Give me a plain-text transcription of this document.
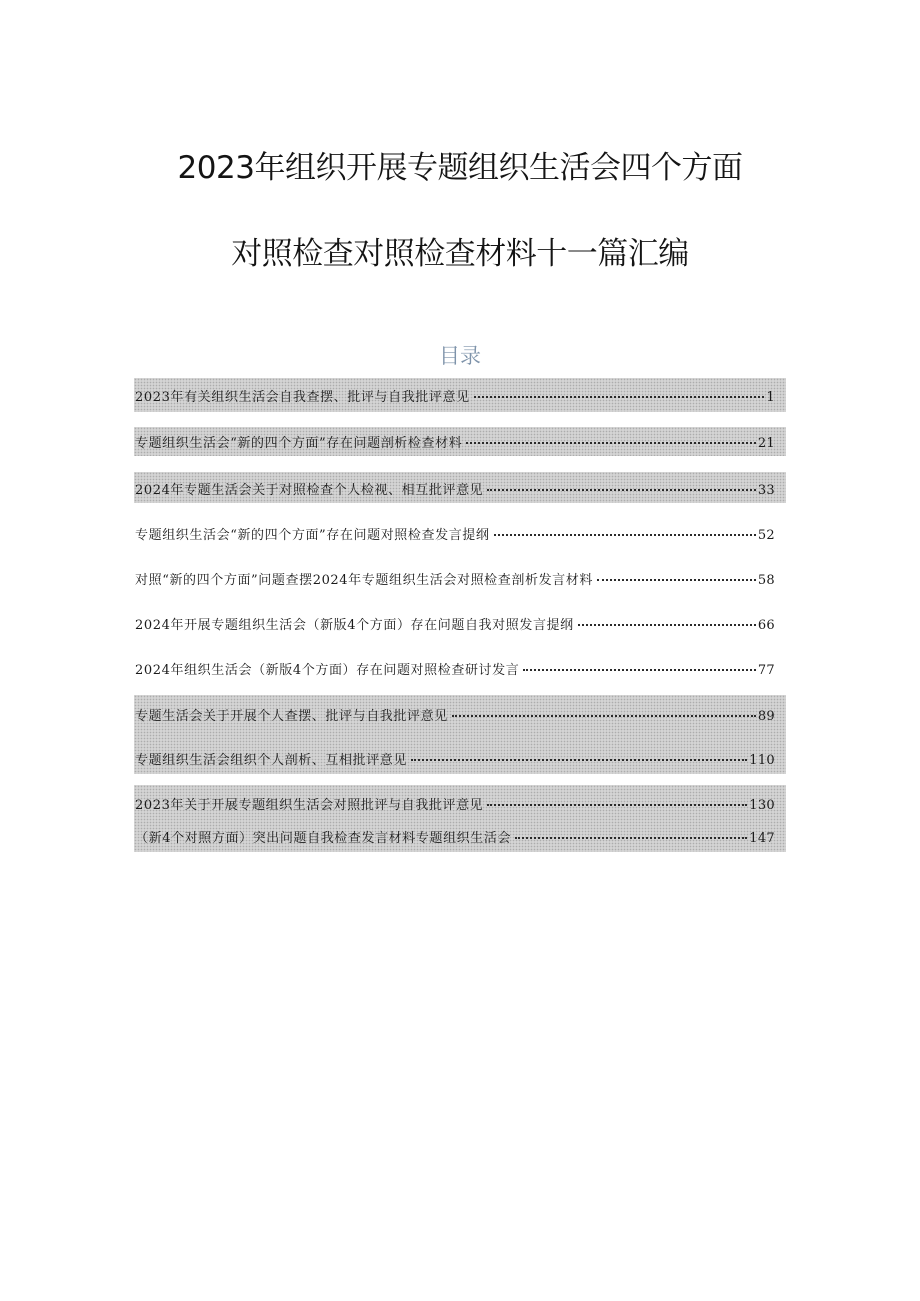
2023年组织开展专题组织生活会四个方面
对照检查对照检查材料十一篇汇编
目录
2023年有关组织生活会自我查摆、批评与自我批评意见	1
专题组织生活会“新的四个方面”存在问题剖析检查材料	21
2024年专题生活会关于对照检查个人检视、相互批评意见	33
专题组织生活会“新的四个方面”存在问题对照检查发言提纲	52
对照“新的四个方面”问题查摆2024年专题组织生活会对照检查剖析发言材料	58
2024年开展专题组织生活会（新版4个方面）存在问题自我对照发言提纲	66
2024年组织生活会（新版4个方面）存在问题对照检查研讨发言	77
专题生活会关于开展个人查摆、批评与自我批评意见	89
专题组织生活会组织个人剖析、互相批评意见	110
2023年关于开展专题组织生活会对照批评与自我批评意见	130
（新4个对照方面）突出问题自我检查发言材料专题组织生活会	147
